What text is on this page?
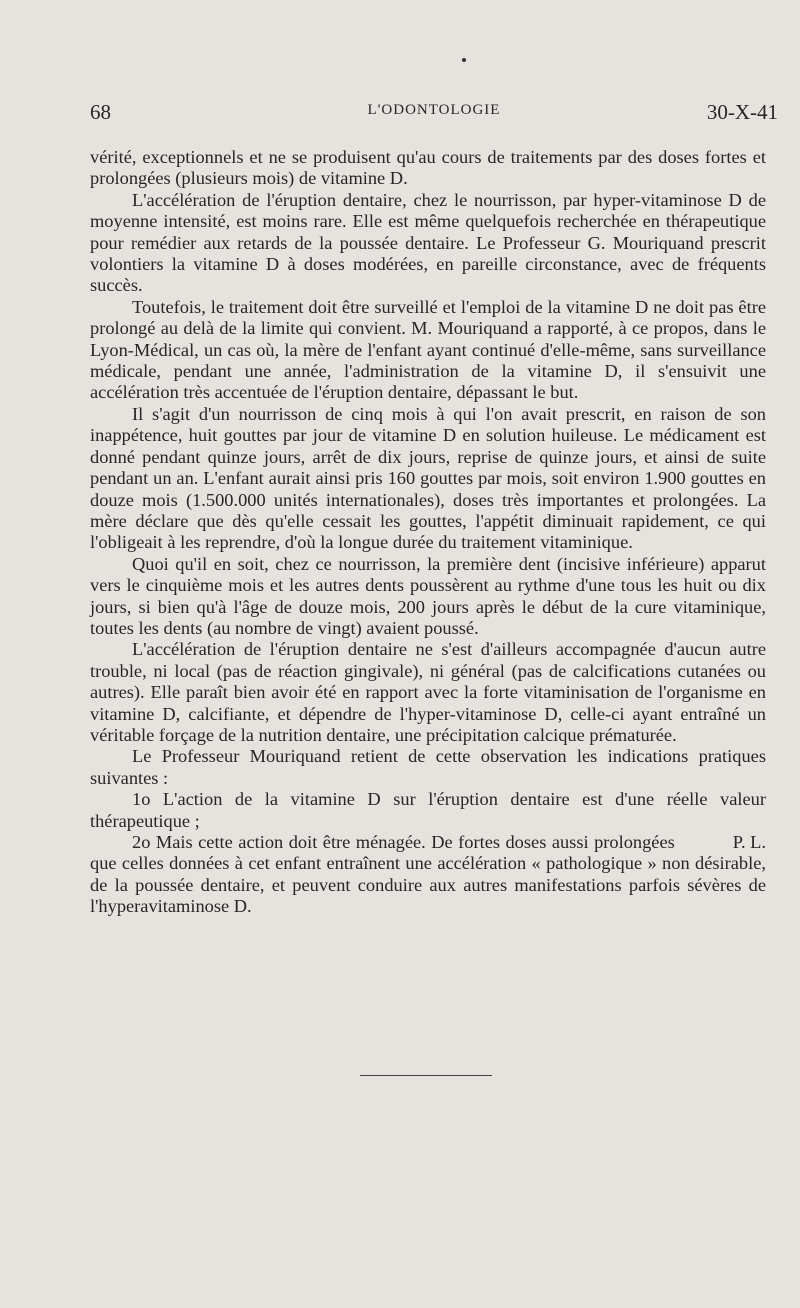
68	L'ODONTOLOGIE	30-X-41

vérité, exceptionnels et ne se produisent qu'au cours de traitements par des doses fortes et prolongées (plusieurs mois) de vitamine D.

L'accélération de l'éruption dentaire, chez le nourrisson, par hyper-vitaminose D de moyenne intensité, est moins rare. Elle est même quelquefois recherchée en thérapeutique pour remédier aux retards de la poussée dentaire. Le Professeur G. Mouriquand prescrit volontiers la vitamine D à doses modérées, en pareille circonstance, avec de fréquents succès.

Toutefois, le traitement doit être surveillé et l'emploi de la vitamine D ne doit pas être prolongé au delà de la limite qui convient. M. Mouriquand a rapporté, à ce propos, dans le Lyon-Médical, un cas où, la mère de l'enfant ayant continué d'elle-même, sans surveillance médicale, pendant une année, l'administration de la vitamine D, il s'ensuivit une accélération très accentuée de l'éruption dentaire, dépassant le but.

Il s'agit d'un nourrisson de cinq mois à qui l'on avait prescrit, en raison de son inappétence, huit gouttes par jour de vitamine D en solution huileuse. Le médicament est donné pendant quinze jours, arrêt de dix jours, reprise de quinze jours, et ainsi de suite pendant un an. L'enfant aurait ainsi pris 160 gouttes par mois, soit environ 1.900 gouttes en douze mois (1.500.000 unités internationales), doses très importantes et prolongées. La mère déclare que dès qu'elle cessait les gouttes, l'appétit diminuait rapidement, ce qui l'obligeait à les reprendre, d'où la longue durée du traitement vitaminique.

Quoi qu'il en soit, chez ce nourrisson, la première dent (incisive inférieure) apparut vers le cinquième mois et les autres dents poussèrent au rythme d'une tous les huit ou dix jours, si bien qu'à l'âge de douze mois, 200 jours après le début de la cure vitaminique, toutes les dents (au nombre de vingt) avaient poussé.

L'accélération de l'éruption dentaire ne s'est d'ailleurs accompagnée d'aucun autre trouble, ni local (pas de réaction gingivale), ni général (pas de calcifications cutanées ou autres). Elle paraît bien avoir été en rapport avec la forte vitaminisation de l'organisme en vitamine D, calcifiante, et dépendre de l'hyper-vitaminose D, celle-ci ayant entraîné un véritable forçage de la nutrition dentaire, une précipitation calcique prématurée.

Le Professeur Mouriquand retient de cette observation les indications pratiques suivantes :

1o L'action de la vitamine D sur l'éruption dentaire est d'une réelle valeur thérapeutique ;

P. L.
2o Mais cette action doit être ménagée. De fortes doses aussi prolongées que celles données à cet enfant entraînent une accélération « pathologique » non désirable, de la poussée dentaire, et peuvent conduire aux autres manifestations parfois sévères de l'hyperavitaminose D.
